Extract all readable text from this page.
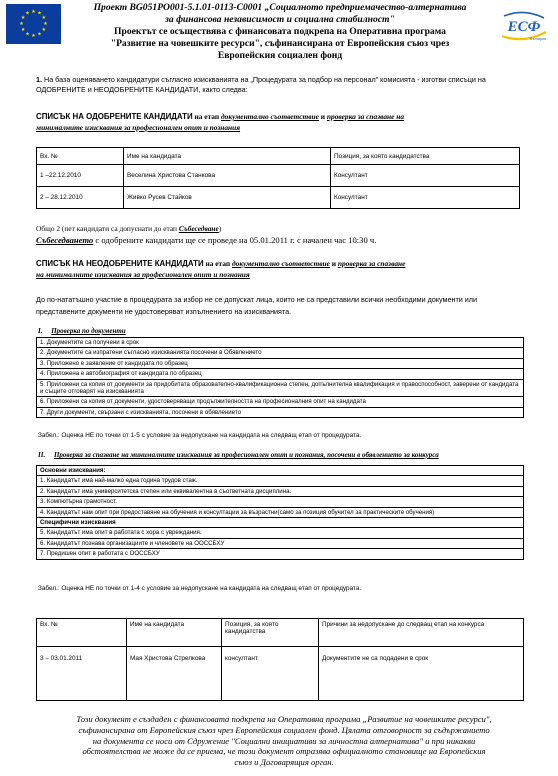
★ ★
★
★
★
★
★
★
★
★
★
★
ЕСФ
България
Проект BG051PO001-5.1.01-0113-C0001 „Социалното предприемачество-алтернатива
за финансова независимост и социална стабилност"
Проектът се осъществява с финансовата подкрепа на Оперативна програма
"Развитие на човешките ресурси", съфинансирана от Европейския съюз чрез
Европейския социален фонд
1. На база оценяването кандидатури съгласно изискванията на „Процедурата за подбор на персонал" комисията - изготви списъци на ОДОБРЕНИТЕ и НЕОДОБРЕНИТЕ КАНДИДАТИ, както следва:
СПИСЪК НА ОДОБРЕНИТЕ КАНДИДАТИ на етап документално съответствие и проверка за спазване на
минималните изисквания за професионален опит и познания
Вх. №	Име на кандидата	Позиция, за която кандидатства
1 –22.12.2010	Веселина Христова Станкова	Консултант
2 – 28.12.2010	Живко Русев Стайков	Консултант
Общо 2 (пет кандидати са допуснати до етап Събеседване)
Събеседването с одобрените кандидати ще се проведе на 05.01.2011 г. с начален час 10:30 ч.
СПИСЪК НА НЕОДОБРЕНИТЕ КАНДИДАТИ на етап документално съответствие и проверка за спазване
на минималните изисквания за професионален опит и познания
До по-нататъшно участие в процедурата за избор не се допускат лица, които не са представили всички необходими документи или представените документи не удостоверяват изпълнението на изискванията.
I. Проверка по документи
1. Документите са получени в срок
2. Документите са изпратени съгласно изискванията посочени в Обявлението
3. Приложено е заявление от кандидата по образец
4. Приложена е автобиография от кандидата по образец
5. Приложени са копия от документи за придобитата образователно-квалификационна степен, допълнителна квалификация и правоспособност, заверени от кандидата и същите отговарят на изискванията
6. Приложени са копия от документи, удостоверяващи продължителността на професионалния опит на кандидата
7. Други документи, свързани с изискванията, посочени в обявлението
Забел.: Оценка НЕ по точки от 1-5 с условие за недопускане на кандидата на следващ етап от процедурата.
II. Проверка за спазване на минималните изисквания за професионален опит и познания, посочени в обявлението за конкурса
Основни изисквания:
1. Кандидатът има най-малко една година трудов стаж.
2. Кандидатът има университетска степен или еквивалентна в съответната дисциплина.
3. Компютърна грамотност.
4. Кандидатът нам опит при предоставяне на обучения и консултации за възрастни(само за позиция обучител за практическите обучения)
Специфични изисквания
5. Кандидатът има опит в работата с хора с увреждания.
6. Кандидатът познава организациите и членовете на ООССБХУ
7. Предишен опит в работата с ООССБХУ
Забел.: Оценка НЕ по точки от 1-4 с условие за недопускане на кандидата на следващ етап от процедурата.
Вх. №	Име на кандидата	Позиция, за която кандидатства	Причини за недопускане до следващ етап на конкурса
3 – 03.01.2011	Мая Христова Стрелкова	консултант	Документите не са подадени в срок
Този документ е създаден с финансовата подкрепа на Оперативна програма „Развитие на човешките ресурси", съфинансирана от Европейския съюз чрез Европейския социален фонд. Цялата отговорност за съдържанието на документа се носи от Сдружение "Социални инициативи за личностна алтернатива" и при никакви обстоятелства не може да се приема, че този документ отразява официалното становище на Европейския съюз и Договарящия орган.
